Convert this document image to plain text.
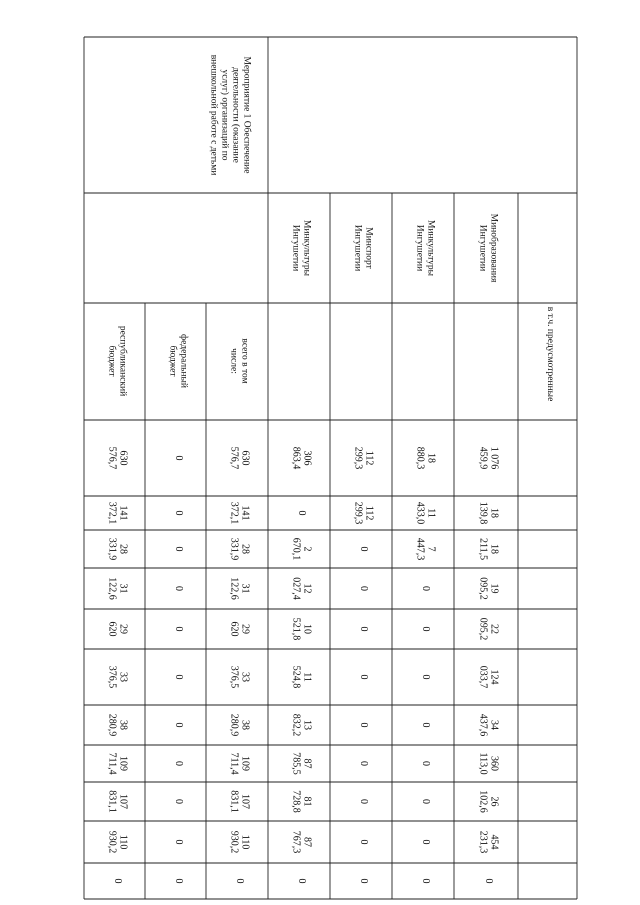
в т.ч. предусмотренные
МинобразованияИнгушетии
МинкультурыИнгушетии
МинспортИнгушетии
МинкультурыИнгушетии
всего в томчисле:
федеральныйбюджет
республиканскийбюджет
1 076459,9
18139,8
18211,5
19095,2
22095,2
124033,7
34437,6
360113,0
26102,6
454231,3
0
18880,3
11433,0
7447,3
0
0
0
0
0
0
0
0
112299,3
112299,3
0
0
0
0
0
0
0
0
0
306863,4
0
2670,1
12027,4
10521,8
11524,8
13832,2
87785,5
81728,8
87767,3
0
630576,7
141372,1
28331,9
31122,6
29620
33376,5
38280,9
109711,4
107831,1
110930,2
0
0
0
0
0
0
0
0
0
0
0
0
630576,7
141372,1
28331,9
31122,6
29620
33376,5
38280,9
109711,4
107831,1
110930,2
0
Мероприятие 1 Обеспечениедеятельности (оказаниеуслуг) организаций повнешкольной работе с детьми
